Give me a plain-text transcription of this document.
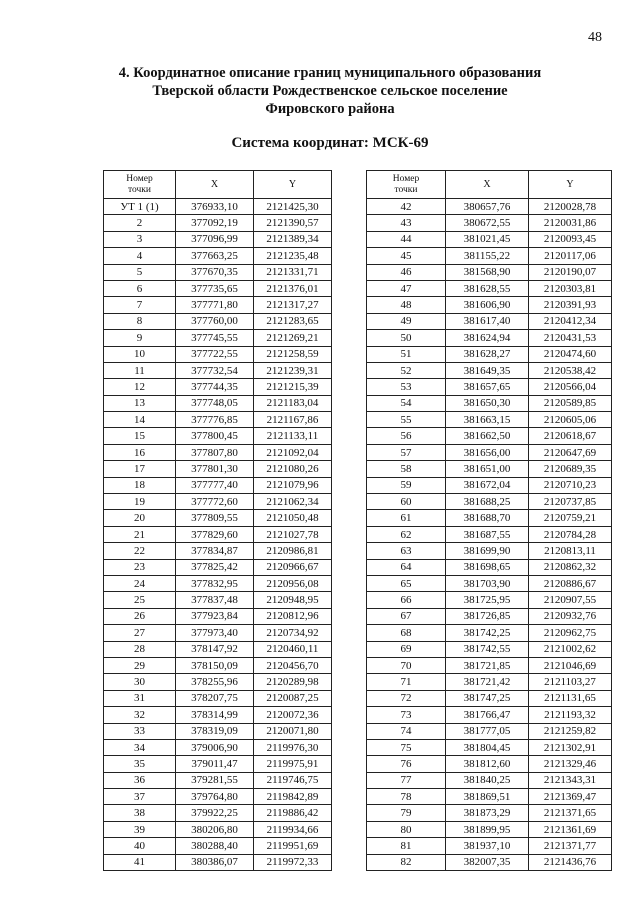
48
4. Координатное описание границ муниципального образования
Тверской области Рождественское сельское поселение
Фировского района
Система координат: МСК-69
Номер
точки	X	Y
УТ 1 (1)	376933,10	2121425,30
2	377092,19	2121390,57
3	377096,99	2121389,34
4	377663,25	2121235,48
5	377670,35	2121331,71
6	377735,65	2121376,01
7	377771,80	2121317,27
8	377760,00	2121283,65
9	377745,55	2121269,21
10	377722,55	2121258,59
11	377732,54	2121239,31
12	377744,35	2121215,39
13	377748,05	2121183,04
14	377776,85	2121167,86
15	377800,45	2121133,11
16	377807,80	2121092,04
17	377801,30	2121080,26
18	377777,40	2121079,96
19	377772,60	2121062,34
20	377809,55	2121050,48
21	377829,60	2121027,78
22	377834,87	2120986,81
23	377825,42	2120966,67
24	377832,95	2120956,08
25	377837,48	2120948,95
26	377923,84	2120812,96
27	377973,40	2120734,92
28	378147,92	2120460,11
29	378150,09	2120456,70
30	378255,96	2120289,98
31	378207,75	2120087,25
32	378314,99	2120072,36
33	378319,09	2120071,80
34	379006,90	2119976,30
35	379011,47	2119975,91
36	379281,55	2119746,75
37	379764,80	2119842,89
38	379922,25	2119886,42
39	380206,80	2119934,66
40	380288,40	2119951,69
41	380386,07	2119972,33
Номер
точки	X	Y
42	380657,76	2120028,78
43	380672,55	2120031,86
44	381021,45	2120093,45
45	381155,22	2120117,06
46	381568,90	2120190,07
47	381628,55	2120303,81
48	381606,90	2120391,93
49	381617,40	2120412,34
50	381624,94	2120431,53
51	381628,27	2120474,60
52	381649,35	2120538,42
53	381657,65	2120566,04
54	381650,30	2120589,85
55	381663,15	2120605,06
56	381662,50	2120618,67
57	381656,00	2120647,69
58	381651,00	2120689,35
59	381672,04	2120710,23
60	381688,25	2120737,85
61	381688,70	2120759,21
62	381687,55	2120784,28
63	381699,90	2120813,11
64	381698,65	2120862,32
65	381703,90	2120886,67
66	381725,95	2120907,55
67	381726,85	2120932,76
68	381742,25	2120962,75
69	381742,55	2121002,62
70	381721,85	2121046,69
71	381721,42	2121103,27
72	381747,25	2121131,65
73	381766,47	2121193,32
74	381777,05	2121259,82
75	381804,45	2121302,91
76	381812,60	2121329,46
77	381840,25	2121343,31
78	381869,51	2121369,47
79	381873,29	2121371,65
80	381899,95	2121361,69
81	381937,10	2121371,77
82	382007,35	2121436,76
